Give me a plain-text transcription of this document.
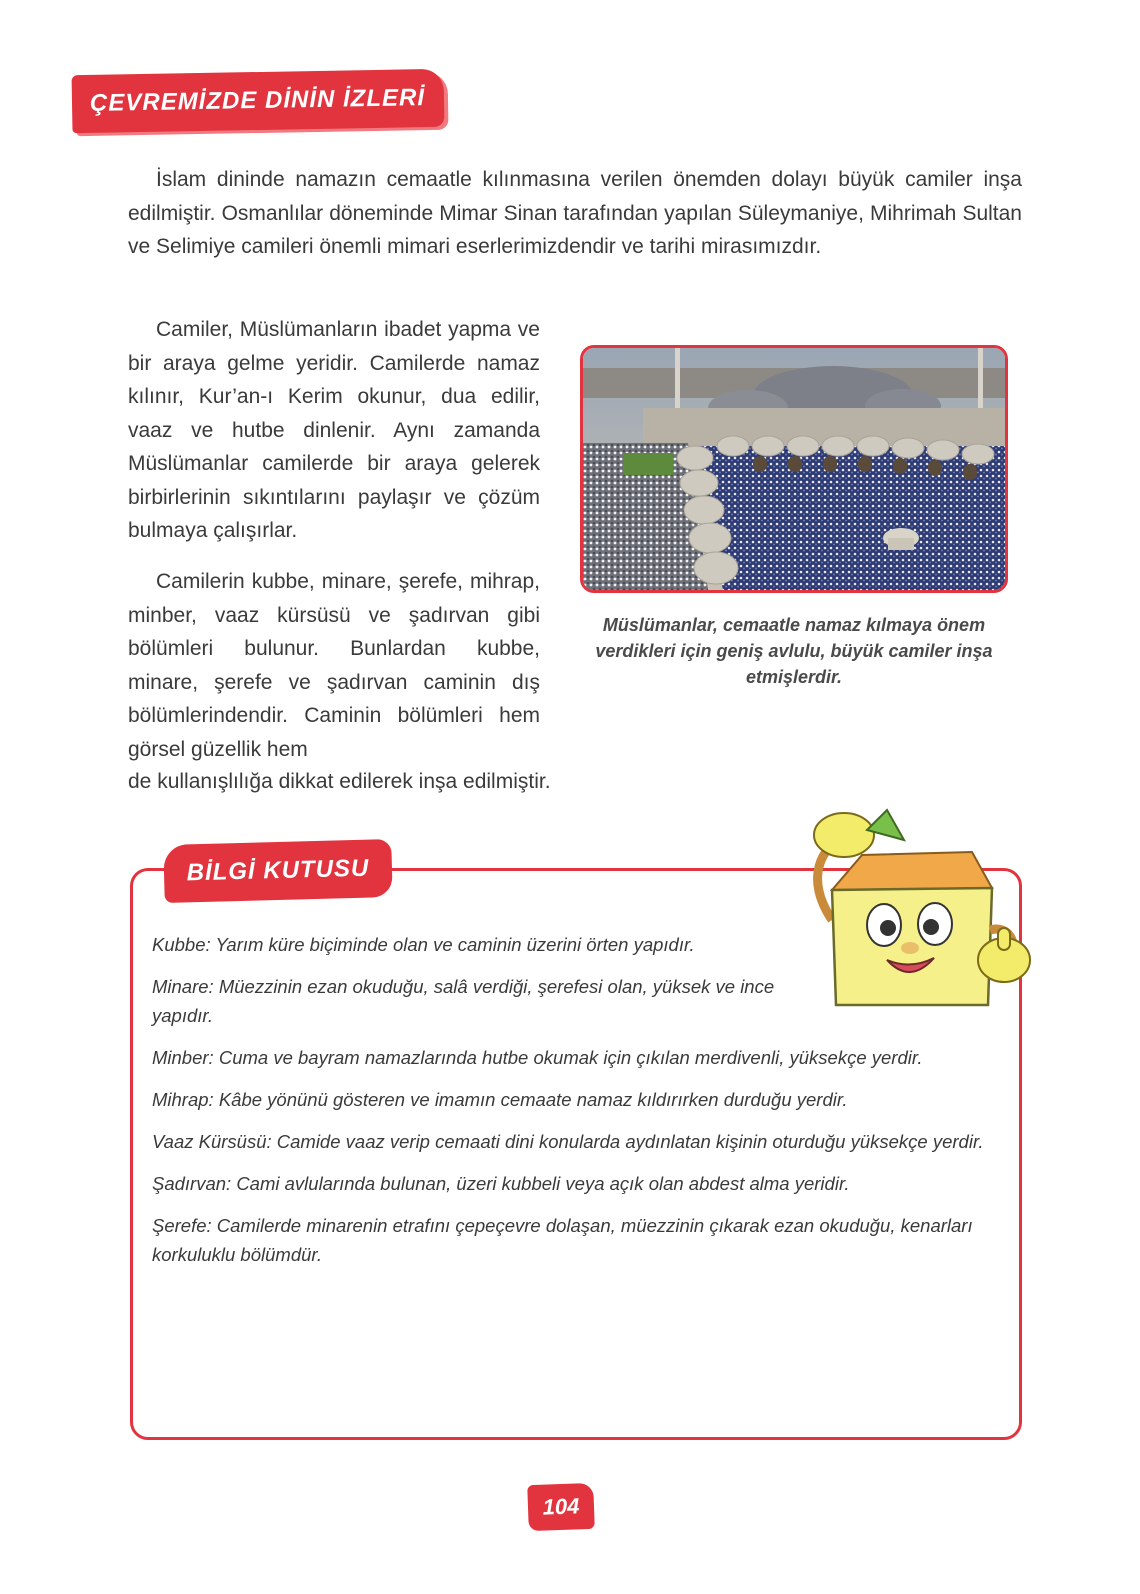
ÇEVREMİZDE DİNİN İZLERİ

İslam dininde namazın cemaatle kılınmasına verilen önemden dolayı büyük camiler inşa edilmiştir. Osmanlılar döneminde Mimar Sinan tarafından yapılan Süleymaniye, Mihrimah Sultan ve Selimiye camileri önemli mimari eserlerimizdendir ve tarihi mirasımızdır.

Camiler, Müslümanların ibadet yapma ve bir araya gelme yeridir. Camilerde namaz kılınır, Kur’an-ı Kerim okunur, dua edilir, vaaz ve hutbe dinlenir. Aynı zamanda Müslümanlar camilerde bir araya gelerek birbirlerinin sıkıntılarını paylaşır ve çözüm bulmaya çalışırlar.

Camilerin kubbe, minare, şerefe, mihrap, minber, vaaz kürsüsü ve şadırvan gibi bölümleri bulunur. Bunlardan kubbe, minare, şerefe ve şadırvan caminin dış bölümlerindendir. Caminin bölümleri hem görsel güzellik hem

de kullanışlılığa dikkat edilerek inşa edilmiştir.

Müslümanlar, cemaatle namaz kılmaya önem verdikleri için geniş avlulu, büyük camiler inşa etmişlerdir.

BİLGİ KUTUSU

Kubbe: Yarım küre biçiminde olan ve caminin üzerini örten yapıdır.

Minare: Müezzinin ezan okuduğu, salâ verdiği, şerefesi olan, yüksek ve ince yapıdır.

Minber: Cuma ve bayram namazlarında hutbe okumak için çıkılan merdivenli, yüksekçe yerdir.

Mihrap: Kâbe yönünü gösteren ve imamın cemaate namaz kıldırırken durduğu yerdir.

Vaaz Kürsüsü: Camide vaaz verip cemaati dini konularda aydınlatan kişinin oturduğu yüksekçe yerdir.

Şadırvan: Cami avlularında bulunan, üzeri kubbeli veya açık olan abdest alma yeridir.

Şerefe: Camilerde minarenin etrafını çepeçevre dolaşan, müezzinin çıkarak ezan okuduğu, kenarları korkuluklu bölümdür.

104
